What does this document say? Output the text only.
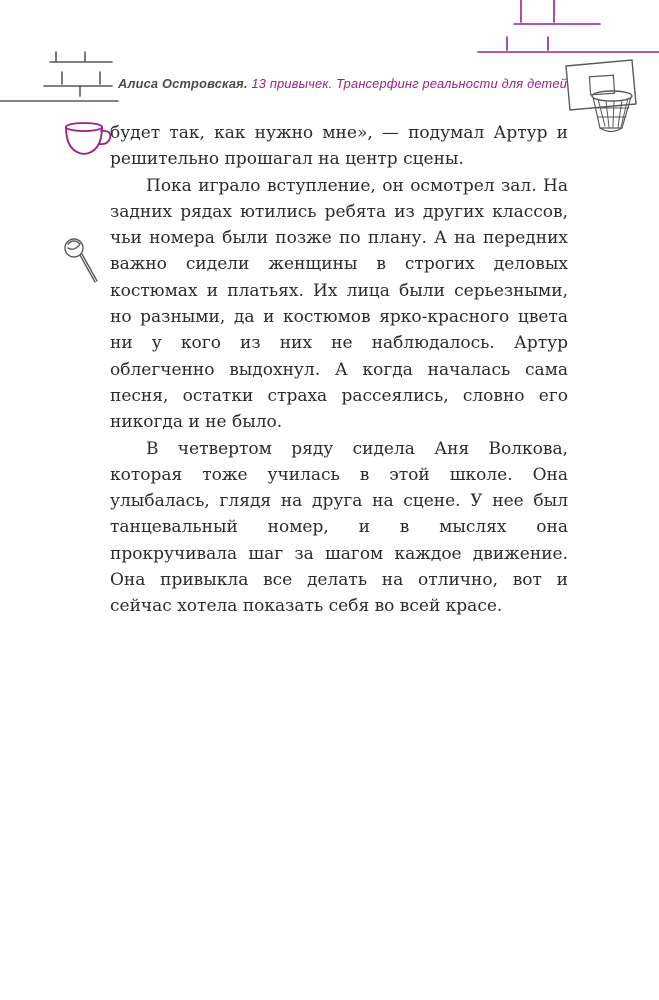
Алиса Островская. 13 привычек. Трансерфинг реальности для детей

будет так, как нужно мне», — подумал Артур и решительно прошагал на центр сцены.

Пока играло вступление, он осмотрел зал. На задних рядах ютились ребята из других классов, чьи номера были позже по плану. А на передних важно сидели женщины в строгих деловых костюмах и платьях. Их лица были серьезными, но разными, да и костюмов ярко-красного цвета ни у кого из них не наблюдалось. Артур облегченно выдохнул. А когда началась сама песня, остатки страха рассеялись, словно его никогда и не было.

В четвертом ряду сидела Аня Волкова, которая тоже училась в этой школе. Она улыбалась, глядя на друга на сцене. У нее был танцевальный номер, и в мыслях она прокручивала шаг за шагом каждое движение. Она привыкла все делать на отлично, вот и сейчас хотела показать себя во всей красе.
